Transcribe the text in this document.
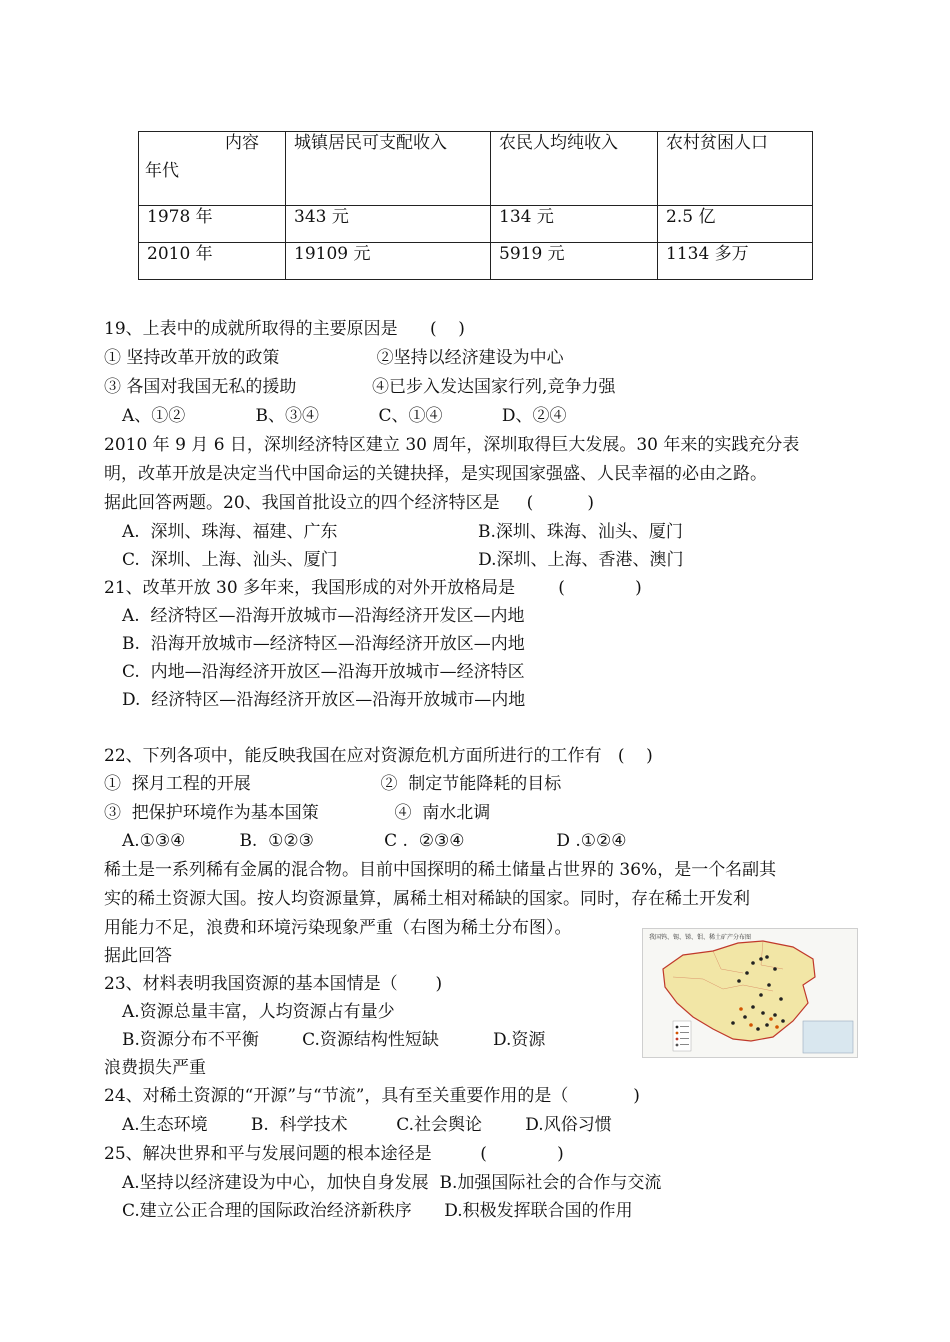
内容
年代	城镇居民可支配收入	农民人均纯收入	农村贫困人口
1978 年	343 元	134 元	2.5 亿
2010 年	19109 元	5919 元	1134 多万
19、上表中的成就所取得的主要原因是      (    )
① 坚持改革开放的政策                  ②坚持以经济建设为中心
③ 各国对我国无私的援助              ④已步入发达国家行列,竞争力强
A、①②             B、③④           C、①④           D、②④
2010 年 9 月 6 日，深圳经济特区建立 30 周年，深圳取得巨大发展。30 年来的实践充分表
明，改革开放是决定当代中国命运的关键抉择，是实现国家强盛、人民幸福的必由之路。
据此回答两题。20、我国首批设立的四个经济特区是     (          )
A.  深圳、珠海、福建、广东                          B.深圳、珠海、汕头、厦门
C.  深圳、上海、汕头、厦门                          D.深圳、上海、香港、澳门
21、改革开放 30 多年来，我国形成的对外开放格局是        (             )
A.  经济特区—沿海开放城市—沿海经济开发区—内地
B.  沿海开放城市—经济特区—沿海经济开放区—内地
C.  内地—沿海经济开放区—沿海开放城市—经济特区
D.  经济特区—沿海经济开放区—沿海开放城市—内地
22、下列各项中，能反映我国在应对资源危机方面所进行的工作有   (    )
①  探月工程的开展                        ②  制定节能降耗的目标
③  把保护环境作为基本国策              ④  南水北调
A.①③④          B.  ①②③             C .  ②③④                 D .①②④
稀土是一系列稀有金属的混合物。目前中国探明的稀土储量占世界的 36%，是一个名副其
实的稀土资源大国。按人均资源量算，属稀土相对稀缺的国家。同时，存在稀土开发利
用能力不足，浪费和环境污染现象严重（右图为稀土分布图）。
据此回答
23、材料表明我国资源的基本国情是（       )
A.资源总量丰富，人均资源占有量少
B.资源分布不平衡        C.资源结构性短缺          D.资源
浪费损失严重
24、对稀土资源的“开源”与“节流”，具有至关重要作用的是（            )
A.生态环境        B.  科学技术         C.社会舆论        D.风俗习惯
25、解决世界和平与发展问题的根本途径是         (             )
A.坚持以经济建设为中心，加快自身发展  B.加强国际社会的合作与交流
C.建立公正合理的国际政治经济新秩序      D.积极发挥联合国的作用
我国钨、锡、锑、钼、稀土矿产分布图
